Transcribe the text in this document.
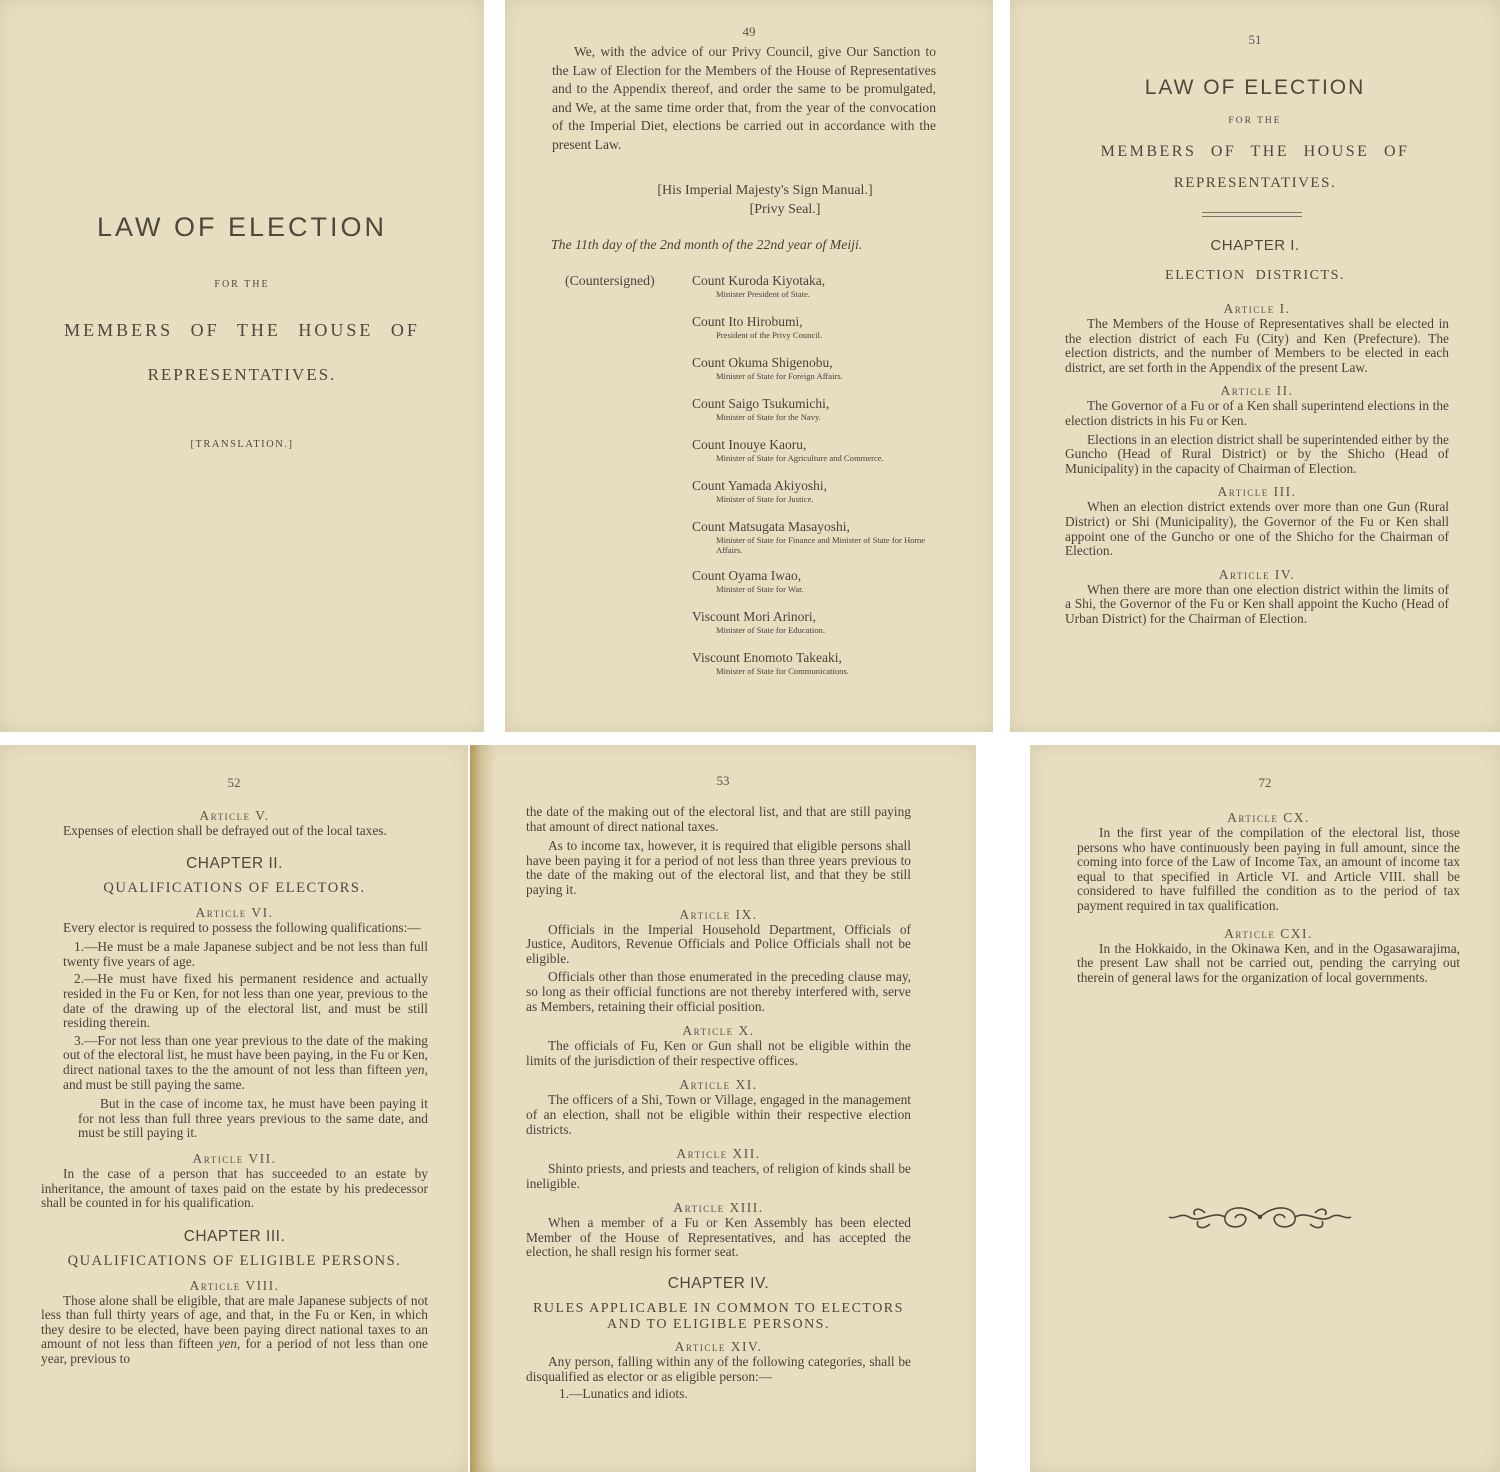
LAW OF ELECTION
FOR THE
MEMBERS OF THE HOUSE OF
REPRESENTATIVES.
[TRANSLATION.]
49
We, with the advice of our Privy Council, give Our Sanction to the Law of Election for the Members of the House of Representatives and to the Appendix thereof, and order the same to be promulgated, and We, at the same time order that, from the year of the convocation of the Imperial Diet, elections be carried out in accordance with the present Law.
[His Imperial Majesty's Sign Manual.]
[Privy Seal.]
The 11th day of the 2nd month of the 22nd year of Meiji.
(Countersigned)	Count Kuroda Kiyotaka,
Minister President of State.
Count Ito Hirobumi,
President of the Privy Council.
Count Okuma Shigenobu,
Minister of State for Foreign Affairs.
Count Saigo Tsukumichi,
Minister of State for the Navy.
Count Inouye Kaoru,
Minister of State for Agriculture and Commerce.
Count Yamada Akiyoshi,
Minister of State for Justice.
Count Matsugata Masayoshi,
Minister of State for Finance and Minister of State for Home Affairs.
Count Oyama Iwao,
Minister of State for War.
Viscount Mori Arinori,
Minister of State for Education.
Viscount Enomoto Takeaki,
Minister of State for Communications.
51
LAW OF ELECTION
FOR THE
MEMBERS OF THE HOUSE OF
REPRESENTATIVES.
CHAPTER I.
ELECTION DISTRICTS.
Article I.
The Members of the House of Representatives shall be elected in the election district of each Fu (City) and Ken (Prefecture). The election districts, and the number of Members to be elected in each district, are set forth in the Appendix of the present Law.
Article II.
The Governor of a Fu or of a Ken shall superintend elections in the election districts in his Fu or Ken.
Elections in an election district shall be superintended either by the Guncho (Head of Rural District) or by the Shicho (Head of Municipality) in the capacity of Chairman of Election.
Article III.
When an election district extends over more than one Gun (Rural District) or Shi (Municipality), the Governor of the Fu or Ken shall appoint one of the Guncho or one of the Shicho for the Chairman of Election.
Article IV.
When there are more than one election district within the limits of a Shi, the Governor of the Fu or Ken shall appoint the Kucho (Head of Urban District) for the Chairman of Election.
52
Article V.
Expenses of election shall be defrayed out of the local taxes.
CHAPTER II.
QUALIFICATIONS OF ELECTORS.
Article VI.
Every elector is required to possess the following qualifications:—
1.—He must be a male Japanese subject and be not less than full twenty five years of age.
2.—He must have fixed his permanent residence and actually resided in the Fu or Ken, for not less than one year, previous to the date of the drawing up of the electoral list, and must be still residing therein.
3.—For not less than one year previous to the date of the making out of the electoral list, he must have been paying, in the Fu or Ken, direct national taxes to the the amount of not less than fifteen yen, and must be still paying the same.
But in the case of income tax, he must have been paying it for not less than full three years previous to the same date, and must be still paying it.
Article VII.
In the case of a person that has succeeded to an estate by inheritance, the amount of taxes paid on the estate by his predecessor shall be counted in for his qualification.
CHAPTER III.
QUALIFICATIONS OF ELIGIBLE PERSONS.
Article VIII.
Those alone shall be eligible, that are male Japanese subjects of not less than full thirty years of age, and that, in the Fu or Ken, in which they desire to be elected, have been paying direct national taxes to an amount of not less than fifteen yen, for a period of not less than one year, previous to
53
the date of the making out of the electoral list, and that are still paying that amount of direct national taxes.
As to income tax, however, it is required that eligible persons shall have been paying it for a period of not less than three years previous to the date of the making out of the electoral list, and that they be still paying it.
Article IX.
Officials in the Imperial Household Department, Officials of Justice, Auditors, Revenue Officials and Police Officials shall not be eligible.
Officials other than those enumerated in the preceding clause may, so long as their official functions are not thereby interfered with, serve as Members, retaining their official position.
Article X.
The officials of Fu, Ken or Gun shall not be eligible within the limits of the jurisdiction of their respective offices.
Article XI.
The officers of a Shi, Town or Village, engaged in the management of an election, shall not be eligible within their respective election districts.
Article XII.
Shinto priests, and priests and teachers, of religion of kinds shall be ineligible.
Article XIII.
When a member of a Fu or Ken Assembly has been elected Member of the House of Representatives, and has accepted the election, he shall resign his former seat.
CHAPTER IV.
RULES APPLICABLE IN COMMON TO ELECTORS
AND TO ELIGIBLE PERSONS.
Article XIV.
Any person, falling within any of the following categories, shall be disqualified as elector or as eligible person:—
1.—Lunatics and idiots.
72
Article CX.
In the first year of the compilation of the electoral list, those persons who have continuously been paying in full amount, since the coming into force of the Law of Income Tax, an amount of income tax equal to that specified in Article VI. and Article VIII. shall be considered to have fulfilled the condition as to the period of tax payment required in tax qualification.
Article CXI.
In the Hokkaido, in the Okinawa Ken, and in the Ogasawarajima, the present Law shall not be carried out, pending the carrying out therein of general laws for the organization of local governments.
